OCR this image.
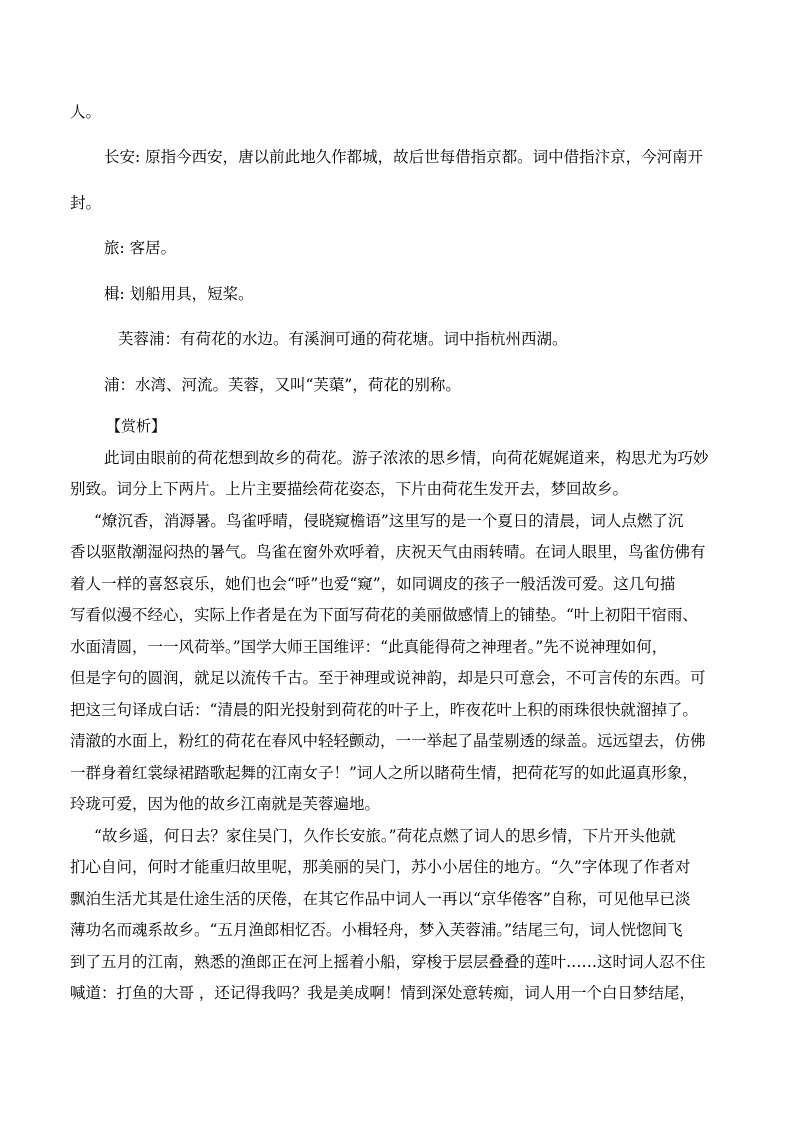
人。
长安: 原指今西安，唐以前此地久作都城，故后世每借指京都。词中借指汴京，今河南开
封。
旅: 客居。
楫: 划船用具，短桨。
芙蓉浦：有荷花的水边。有溪涧可通的荷花塘。词中指杭州西湖。
浦：水湾、河流。芙蓉，又叫“芙蕖”，荷花的别称。
【赏析】
此词由眼前的荷花想到故乡的荷花。游子浓浓的思乡情，向荷花娓娓道来，构思尤为巧妙
别致。词分上下两片。上片主要描绘荷花姿态，下片由荷花生发开去，梦回故乡。
“燎沉香，消溽暑。鸟雀呼晴，侵晓窥檐语”这里写的是一个夏日的清晨，词人点燃了沉
香以驱散潮湿闷热的暑气。鸟雀在窗外欢呼着，庆祝天气由雨转晴。在词人眼里，鸟雀仿佛有
着人一样的喜怒哀乐，她们也会“呼”也爱“窥”，如同调皮的孩子一般活泼可爱。这几句描
写看似漫不经心，实际上作者是在为下面写荷花的美丽做感情上的铺垫。“叶上初阳干宿雨、
水面清圆，一一风荷举。”国学大师王国维评：“此真能得荷之神理者。”先不说神理如何，
但是字句的圆润，就足以流传千古。至于神理或说神韵，却是只可意会，不可言传的东西。可
把这三句译成白话：“清晨的阳光投射到荷花的叶子上，昨夜花叶上积的雨珠很快就溜掉了。
清澈的水面上，粉红的荷花在春风中轻轻颤动，一一举起了晶莹剔透的绿盖。远远望去，仿佛
一群身着红裳绿裙踏歌起舞的江南女子！”词人之所以睹荷生情，把荷花写的如此逼真形象，
玲珑可爱，因为他的故乡江南就是芙蓉遍地。
“故乡遥，何日去？家住吴门，久作长安旅。”荷花点燃了词人的思乡情，下片开头他就
扪心自问，何时才能重归故里呢，那美丽的吴门，苏小小居住的地方。“久”字体现了作者对
飘泊生活尤其是仕途生活的厌倦，在其它作品中词人一再以“京华倦客”自称，可见他早已淡
薄功名而魂系故乡。“五月渔郎相忆否。小楫轻舟，梦入芙蓉浦。”结尾三句，词人恍惚间飞
到了五月的江南，熟悉的渔郎正在河上摇着小船，穿梭于层层叠叠的莲叶……这时词人忍不住
喊道：打鱼的大哥 ，还记得我吗？我是美成啊！情到深处意转痴，词人用一个白日梦结尾，
